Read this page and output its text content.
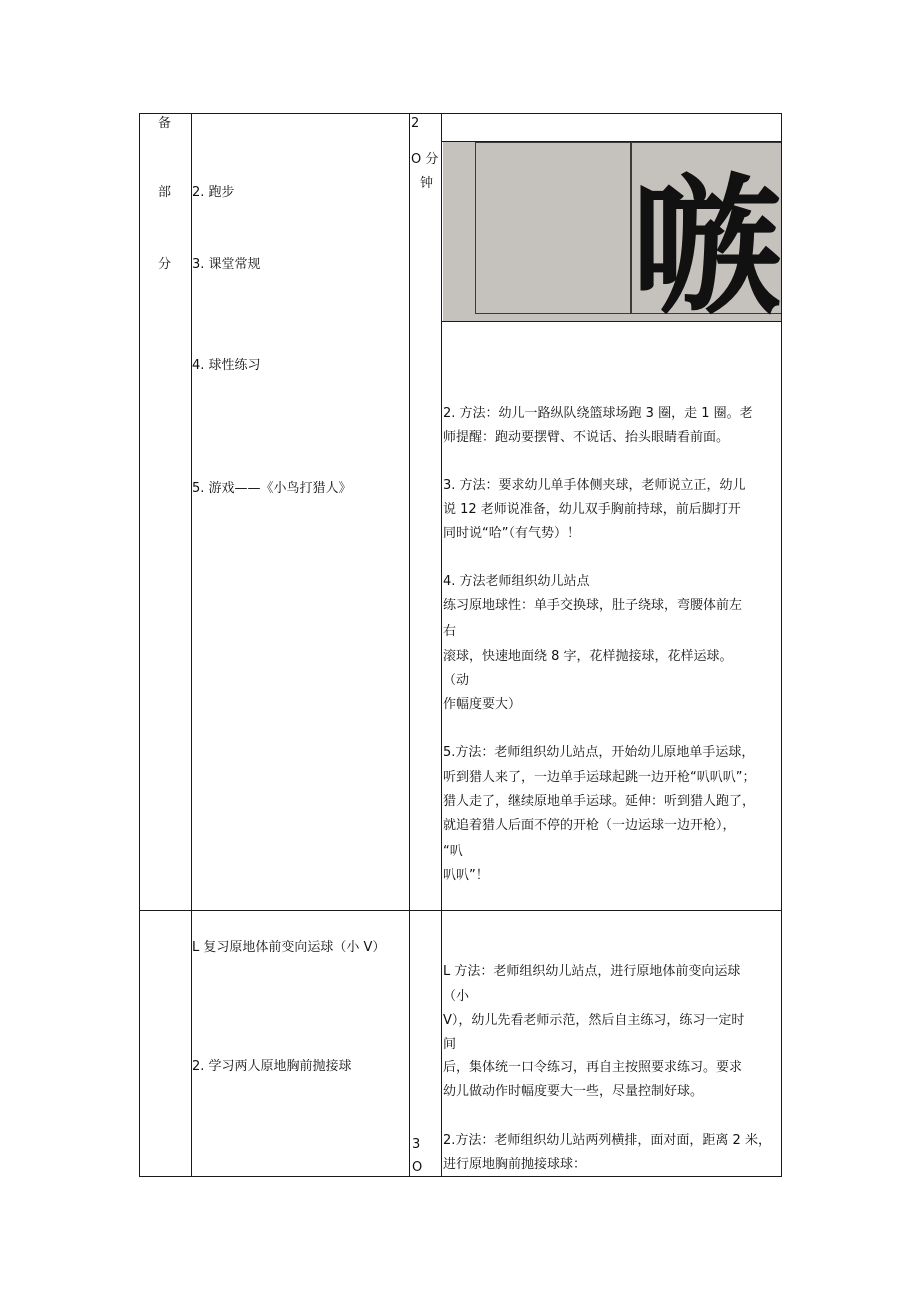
备
部
分
2. 跑步
3. 课堂常规
4. 球性练习
5. 游戏——《小鸟打猎人》
2
O 分
钟 嗾
2. 方法：幼儿一路纵队绕篮球场跑 3 圈，走 1 圈。老
师提醒：跑动要摆臂、不说话、抬头眼睛看前面。
3. 方法：要求幼儿单手体侧夹球，老师说立正，幼儿
说 12 老师说准备，幼儿双手胸前持球，前后脚打开
同时说“哈”（有气势）！
4. 方法老师组织幼儿站点
练习原地球性：单手交换球，肚子绕球，弯腰体前左
右
滚球，快速地面绕 8 字，花样抛接球，花样运球。
（动
作幅度要大）
5.方法：老师组织幼儿站点，开始幼儿原地单手运球，
听到猎人来了，一边单手运球起跳一边开枪“叭叭叭”；
猎人走了，继续原地单手运球。延伸：听到猎人跑了，
就追着猎人后面不停的开枪（一边运球一边开枪），
“叭
叭叭”！
L 复习原地体前变向运球（小 V）
2. 学习两人原地胸前抛接球
3
O
L 方法：老师组织幼儿站点，进行原地体前变向运球
（小
V），幼儿先看老师示范，然后自主练习，练习一定时
间
后，集体统一口令练习，再自主按照要求练习。要求
幼儿做动作时幅度要大一些，尽量控制好球。
2.方法：老师组织幼儿站两列横排，面对面，距离 2 米，
进行原地胸前抛接球球：
